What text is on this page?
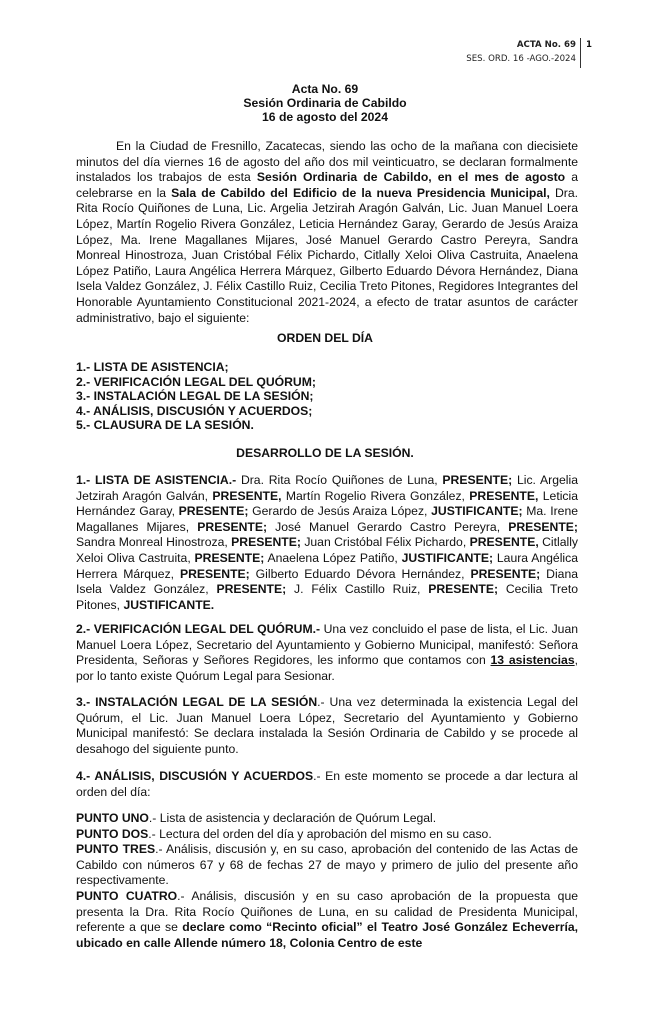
ACTA No. 69
SES. ORD. 16 -AGO.-2024
1
Acta No. 69
Sesión Ordinaria de Cabildo
16 de agosto del 2024

En la Ciudad de Fresnillo, Zacatecas, siendo las ocho de la mañana con diecisiete minutos del día viernes 16 de agosto del año dos mil veinticuatro, se declaran formalmente instalados los trabajos de esta Sesión Ordinaria de Cabildo, en el mes de agosto a celebrarse en la Sala de Cabildo del Edificio de la nueva Presidencia Municipal, Dra. Rita Rocío Quiñones de Luna, Lic. Argelia Jetzirah Aragón Galván, Lic. Juan Manuel Loera López, Martín Rogelio Rivera González, Leticia Hernández Garay, Gerardo de Jesús Araiza López, Ma. Irene Magallanes Mijares, José Manuel Gerardo Castro Pereyra, Sandra Monreal Hinostroza, Juan Cristóbal Félix Pichardo, Citlally Xeloi Oliva Castruita, Anaelena López Patiño, Laura Angélica Herrera Márquez, Gilberto Eduardo Dévora Hernández, Diana Isela Valdez González, J. Félix Castillo Ruiz, Cecilia Treto Pitones, Regidores Integrantes del Honorable Ayuntamiento Constitucional 2021-2024, a efecto de tratar asuntos de carácter administrativo, bajo el siguiente:

ORDEN DEL DÍA
1.- LISTA DE ASISTENCIA;
2.- VERIFICACIÓN LEGAL DEL QUÓRUM;
3.- INSTALACIÓN LEGAL DE LA SESIÓN;
4.- ANÁLISIS, DISCUSIÓN Y ACUERDOS;
5.- CLAUSURA DE LA SESIÓN.
DESARROLLO DE LA SESIÓN.

1.- LISTA DE ASISTENCIA.- Dra. Rita Rocío Quiñones de Luna, PRESENTE; Lic. Argelia Jetzirah Aragón Galván, PRESENTE, Martín Rogelio Rivera González, PRESENTE, Leticia Hernández Garay, PRESENTE; Gerardo de Jesús Araiza López, JUSTIFICANTE; Ma. Irene Magallanes Mijares, PRESENTE; José Manuel Gerardo Castro Pereyra, PRESENTE; Sandra Monreal Hinostroza, PRESENTE; Juan Cristóbal Félix Pichardo, PRESENTE, Citlally Xeloi Oliva Castruita, PRESENTE; Anaelena López Patiño, JUSTIFICANTE; Laura Angélica Herrera Márquez, PRESENTE; Gilberto Eduardo Dévora Hernández, PRESENTE; Diana Isela Valdez González, PRESENTE; J. Félix Castillo Ruiz, PRESENTE; Cecilia Treto Pitones, JUSTIFICANTE.

2.- VERIFICACIÓN LEGAL DEL QUÓRUM.- Una vez concluido el pase de lista, el Lic. Juan Manuel Loera López, Secretario del Ayuntamiento y Gobierno Municipal, manifestó: Señora Presidenta, Señoras y Señores Regidores, les informo que contamos con 13 asistencias, por lo tanto existe Quórum Legal para Sesionar.

3.- INSTALACIÓN LEGAL DE LA SESIÓN.- Una vez determinada la existencia Legal del Quórum, el Lic. Juan Manuel Loera López, Secretario del Ayuntamiento y Gobierno Municipal manifestó: Se declara instalada la Sesión Ordinaria de Cabildo y se procede al desahogo del siguiente punto.

4.- ANÁLISIS, DISCUSIÓN Y ACUERDOS.- En este momento se procede a dar lectura al orden del día:

PUNTO UNO.- Lista de asistencia y declaración de Quórum Legal.

PUNTO DOS.- Lectura del orden del día y aprobación del mismo en su caso.

PUNTO TRES.- Análisis, discusión y, en su caso, aprobación del contenido de las Actas de Cabildo con números 67 y 68 de fechas 27 de mayo y primero de julio del presente año respectivamente.

PUNTO CUATRO.- Análisis, discusión y en su caso aprobación de la propuesta que presenta la Dra. Rita Rocío Quiñones de Luna, en su calidad de Presidenta Municipal, referente a que se declare como “Recinto oficial” el Teatro José González Echeverría, ubicado en calle Allende número 18, Colonia Centro de este
